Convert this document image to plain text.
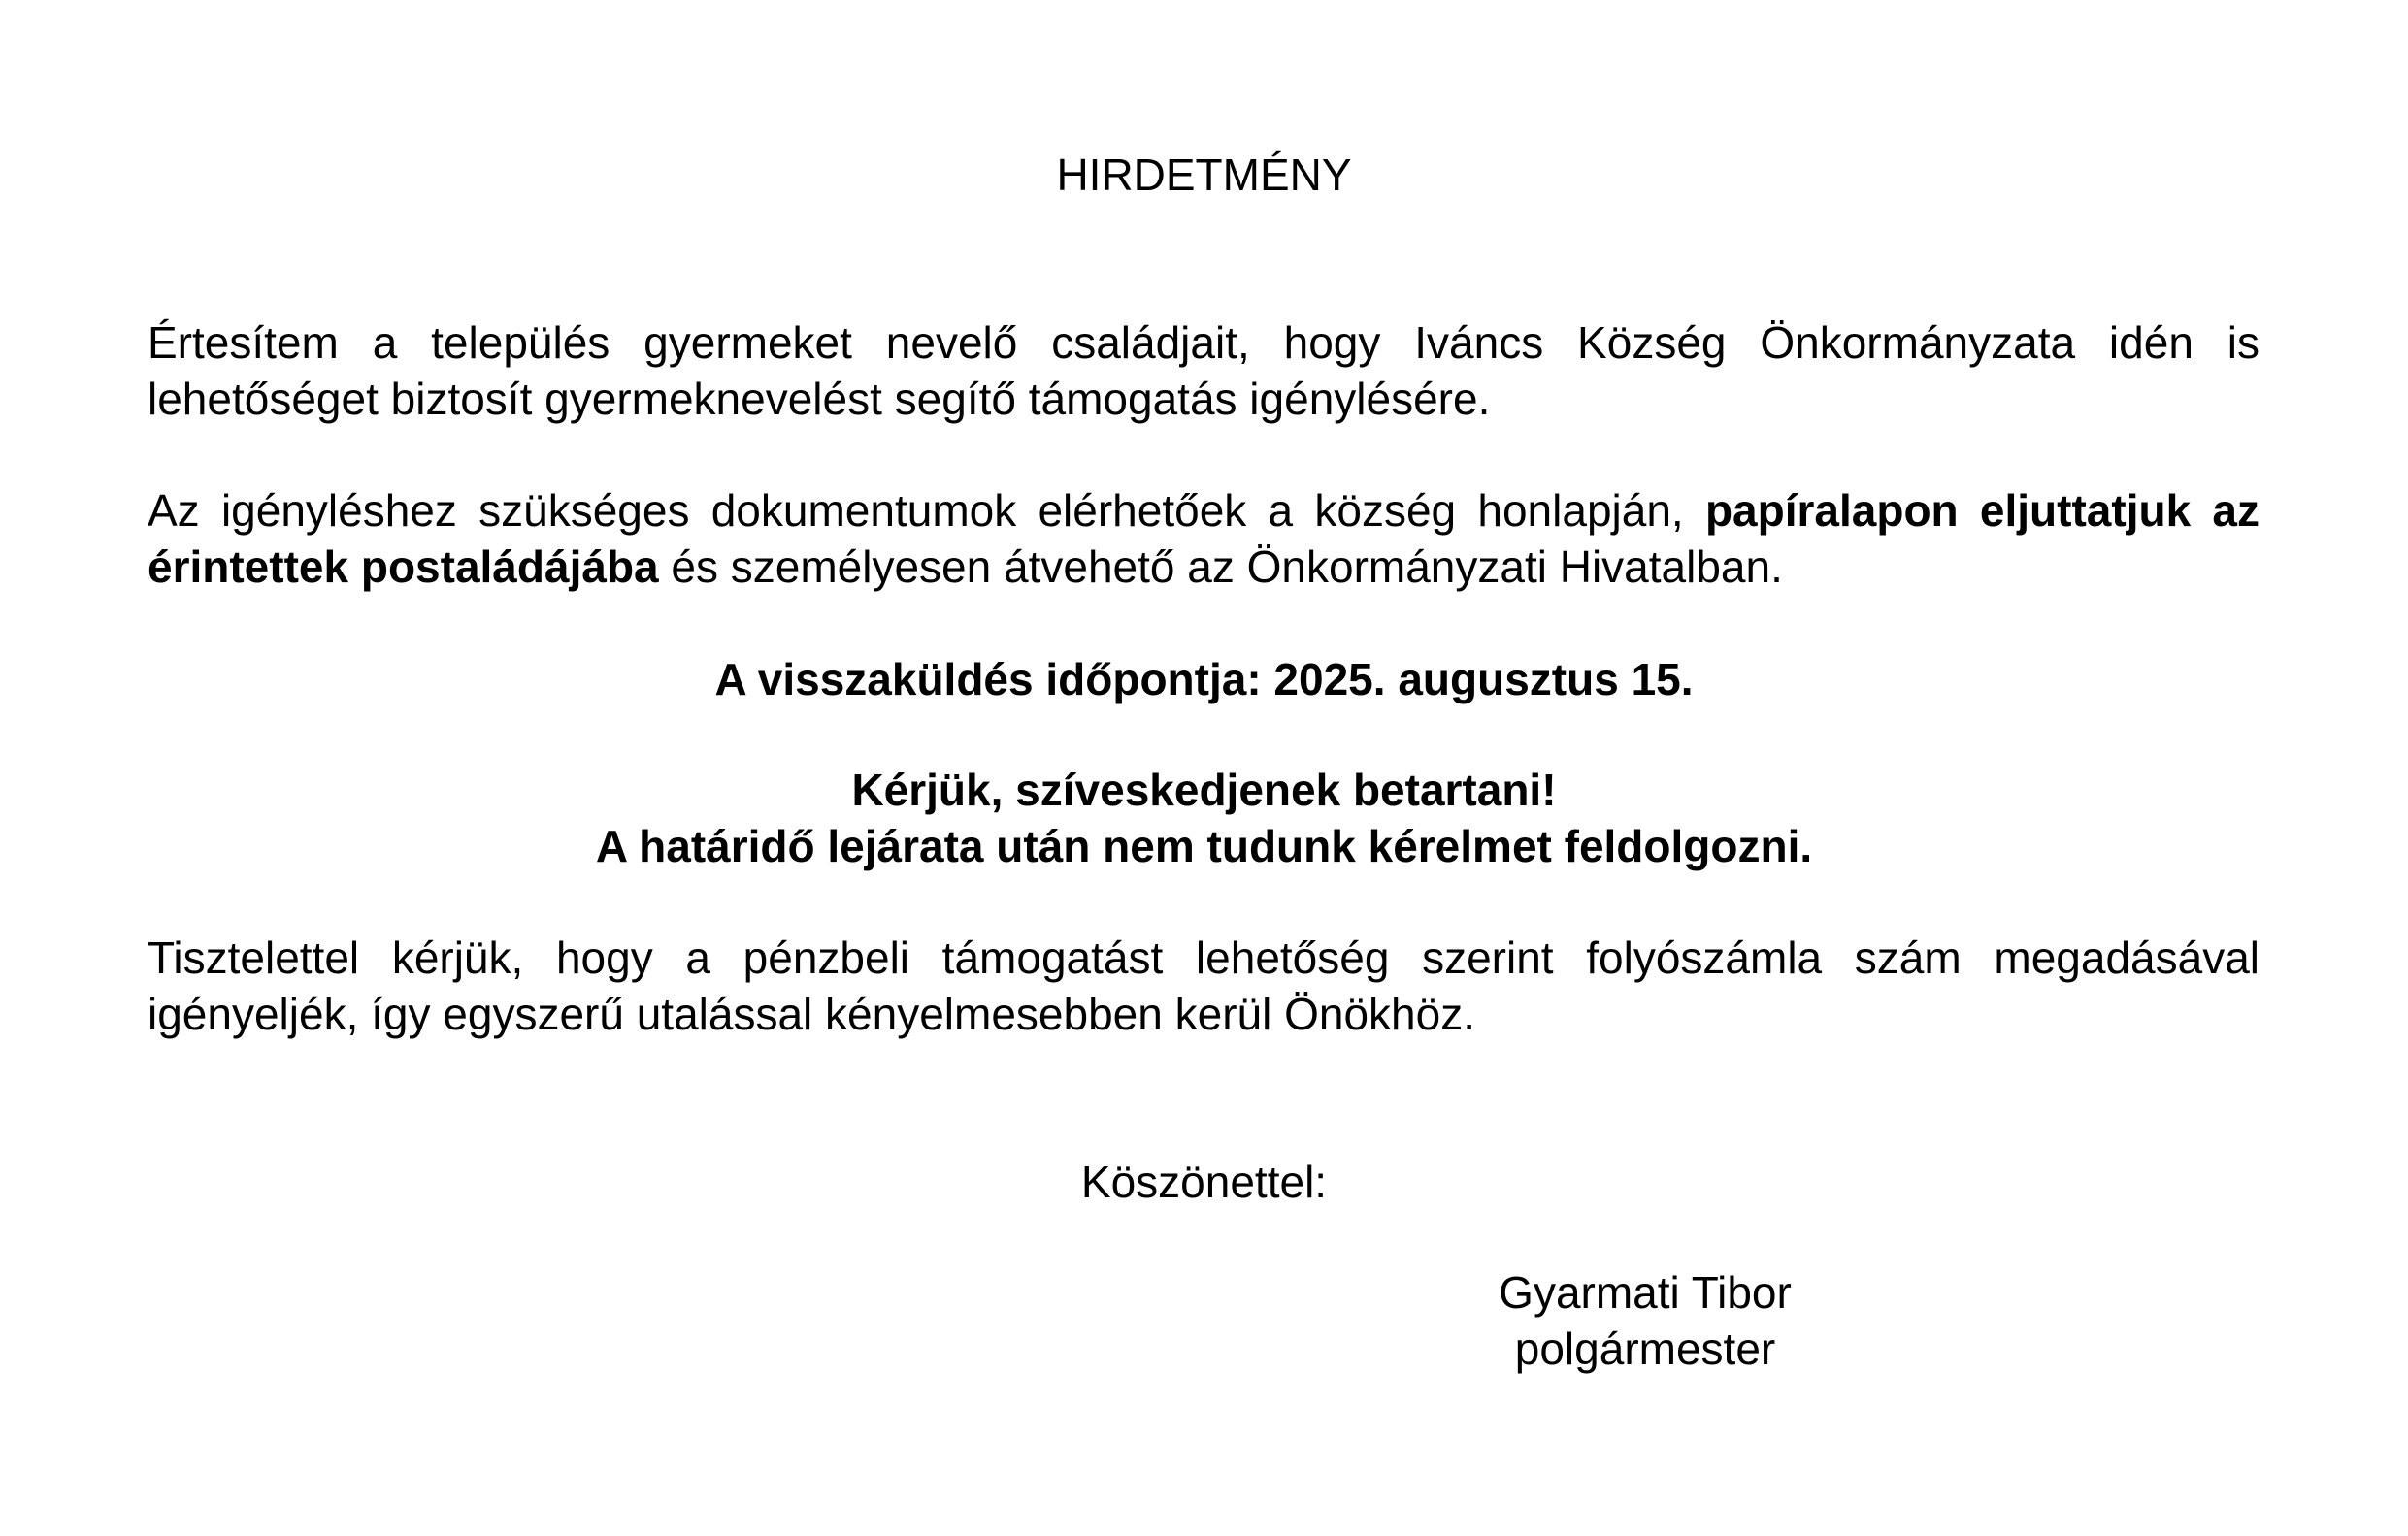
HIRDETMÉNY
Értesítem a település gyermeket nevelő családjait, hogy Iváncs Község Önkormányzata idén is lehetőséget biztosít gyermeknevelést segítő támogatás igénylésére.
Az igényléshez szükséges dokumentumok elérhetőek a község honlapján, papíralapon eljuttatjuk az érintettek postaládájába és személyesen átvehető az Önkormányzati Hivatalban.
A visszaküldés időpontja: 2025. augusztus 15.
Kérjük, szíveskedjenek betartani!
A határidő lejárata után nem tudunk kérelmet feldolgozni.
Tisztelettel kérjük, hogy a pénzbeli támogatást lehetőség szerint folyószámla szám megadásával igényeljék, így egyszerű utalással kényelmesebben kerül Önökhöz.
Köszönettel:
Gyarmati Tibor
polgármester
